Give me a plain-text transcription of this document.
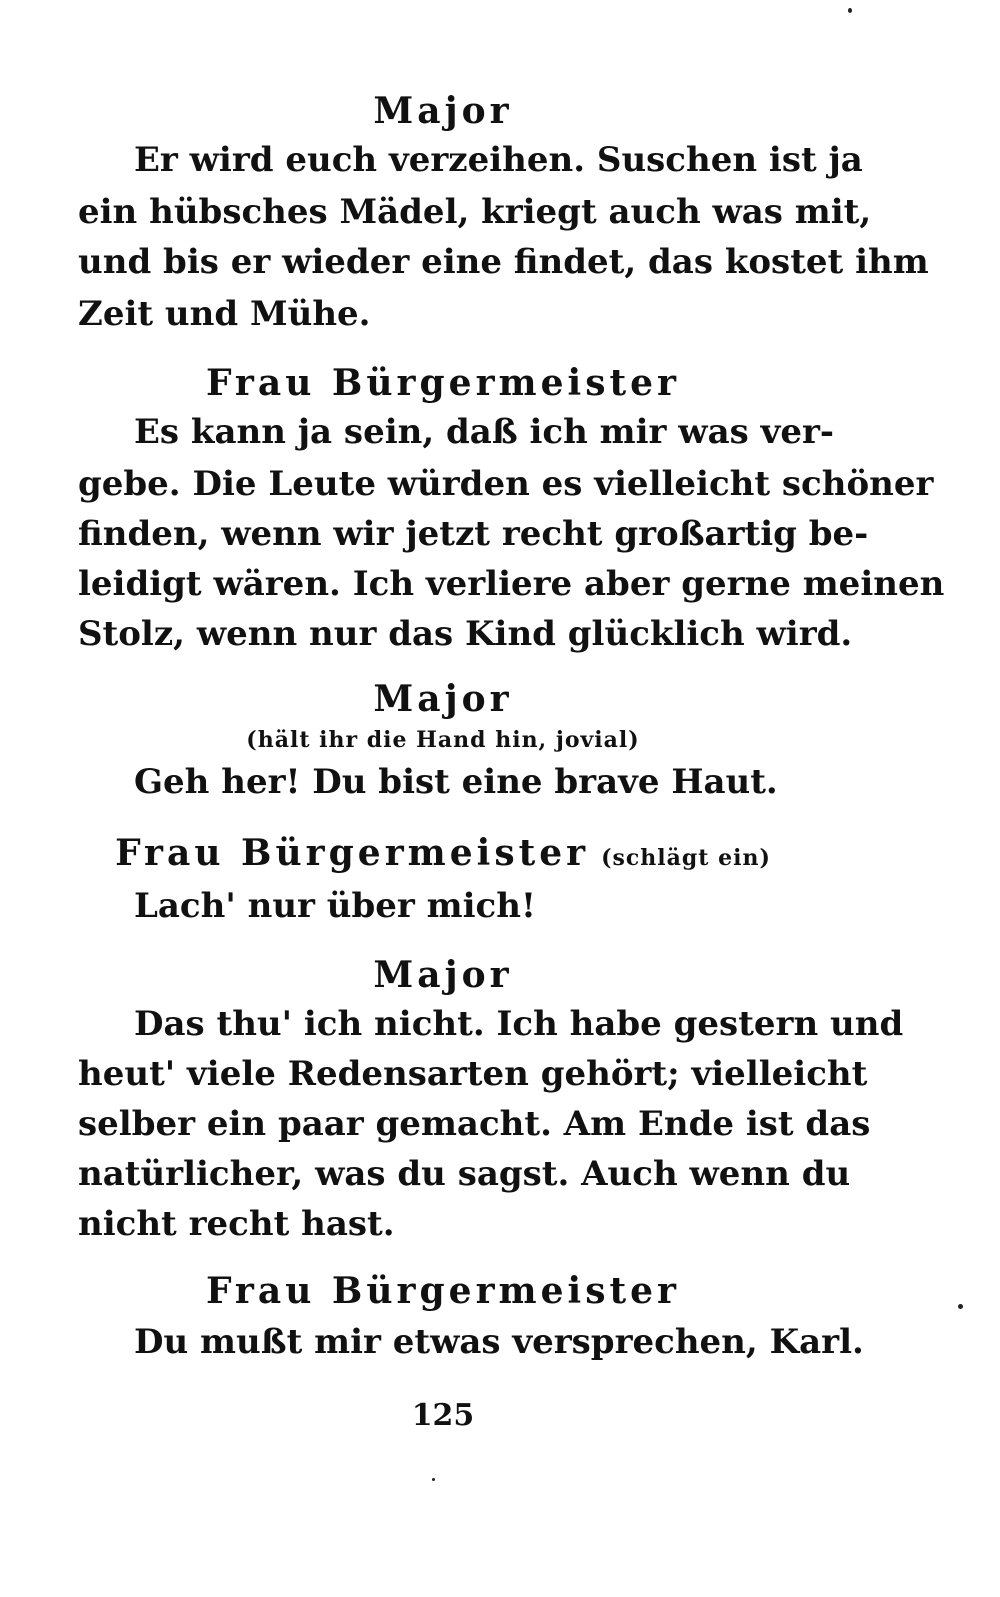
Major
Er wird euch verzeihen. Suschen ist ja
ein hübsches Mädel, kriegt auch was mit,
und bis er wieder eine findet, das kostet ihm
Zeit und Mühe.
Frau Bürgermeister
Es kann ja sein, daß ich mir was ver-
gebe. Die Leute würden es vielleicht schöner
finden, wenn wir jetzt recht großartig be-
leidigt wären. Ich verliere aber gerne meinen
Stolz, wenn nur das Kind glücklich wird.
Major
(hält ihr die Hand hin, jovial)
Geh her! Du bist eine brave Haut.
Frau Bürgermeister (schlägt ein)
Lach' nur über mich!
Major
Das thu' ich nicht. Ich habe gestern und
heut' viele Redensarten gehört; vielleicht
selber ein paar gemacht. Am Ende ist das
natürlicher, was du sagst. Auch wenn du
nicht recht hast.
Frau Bürgermeister
Du mußt mir etwas versprechen, Karl.
125
